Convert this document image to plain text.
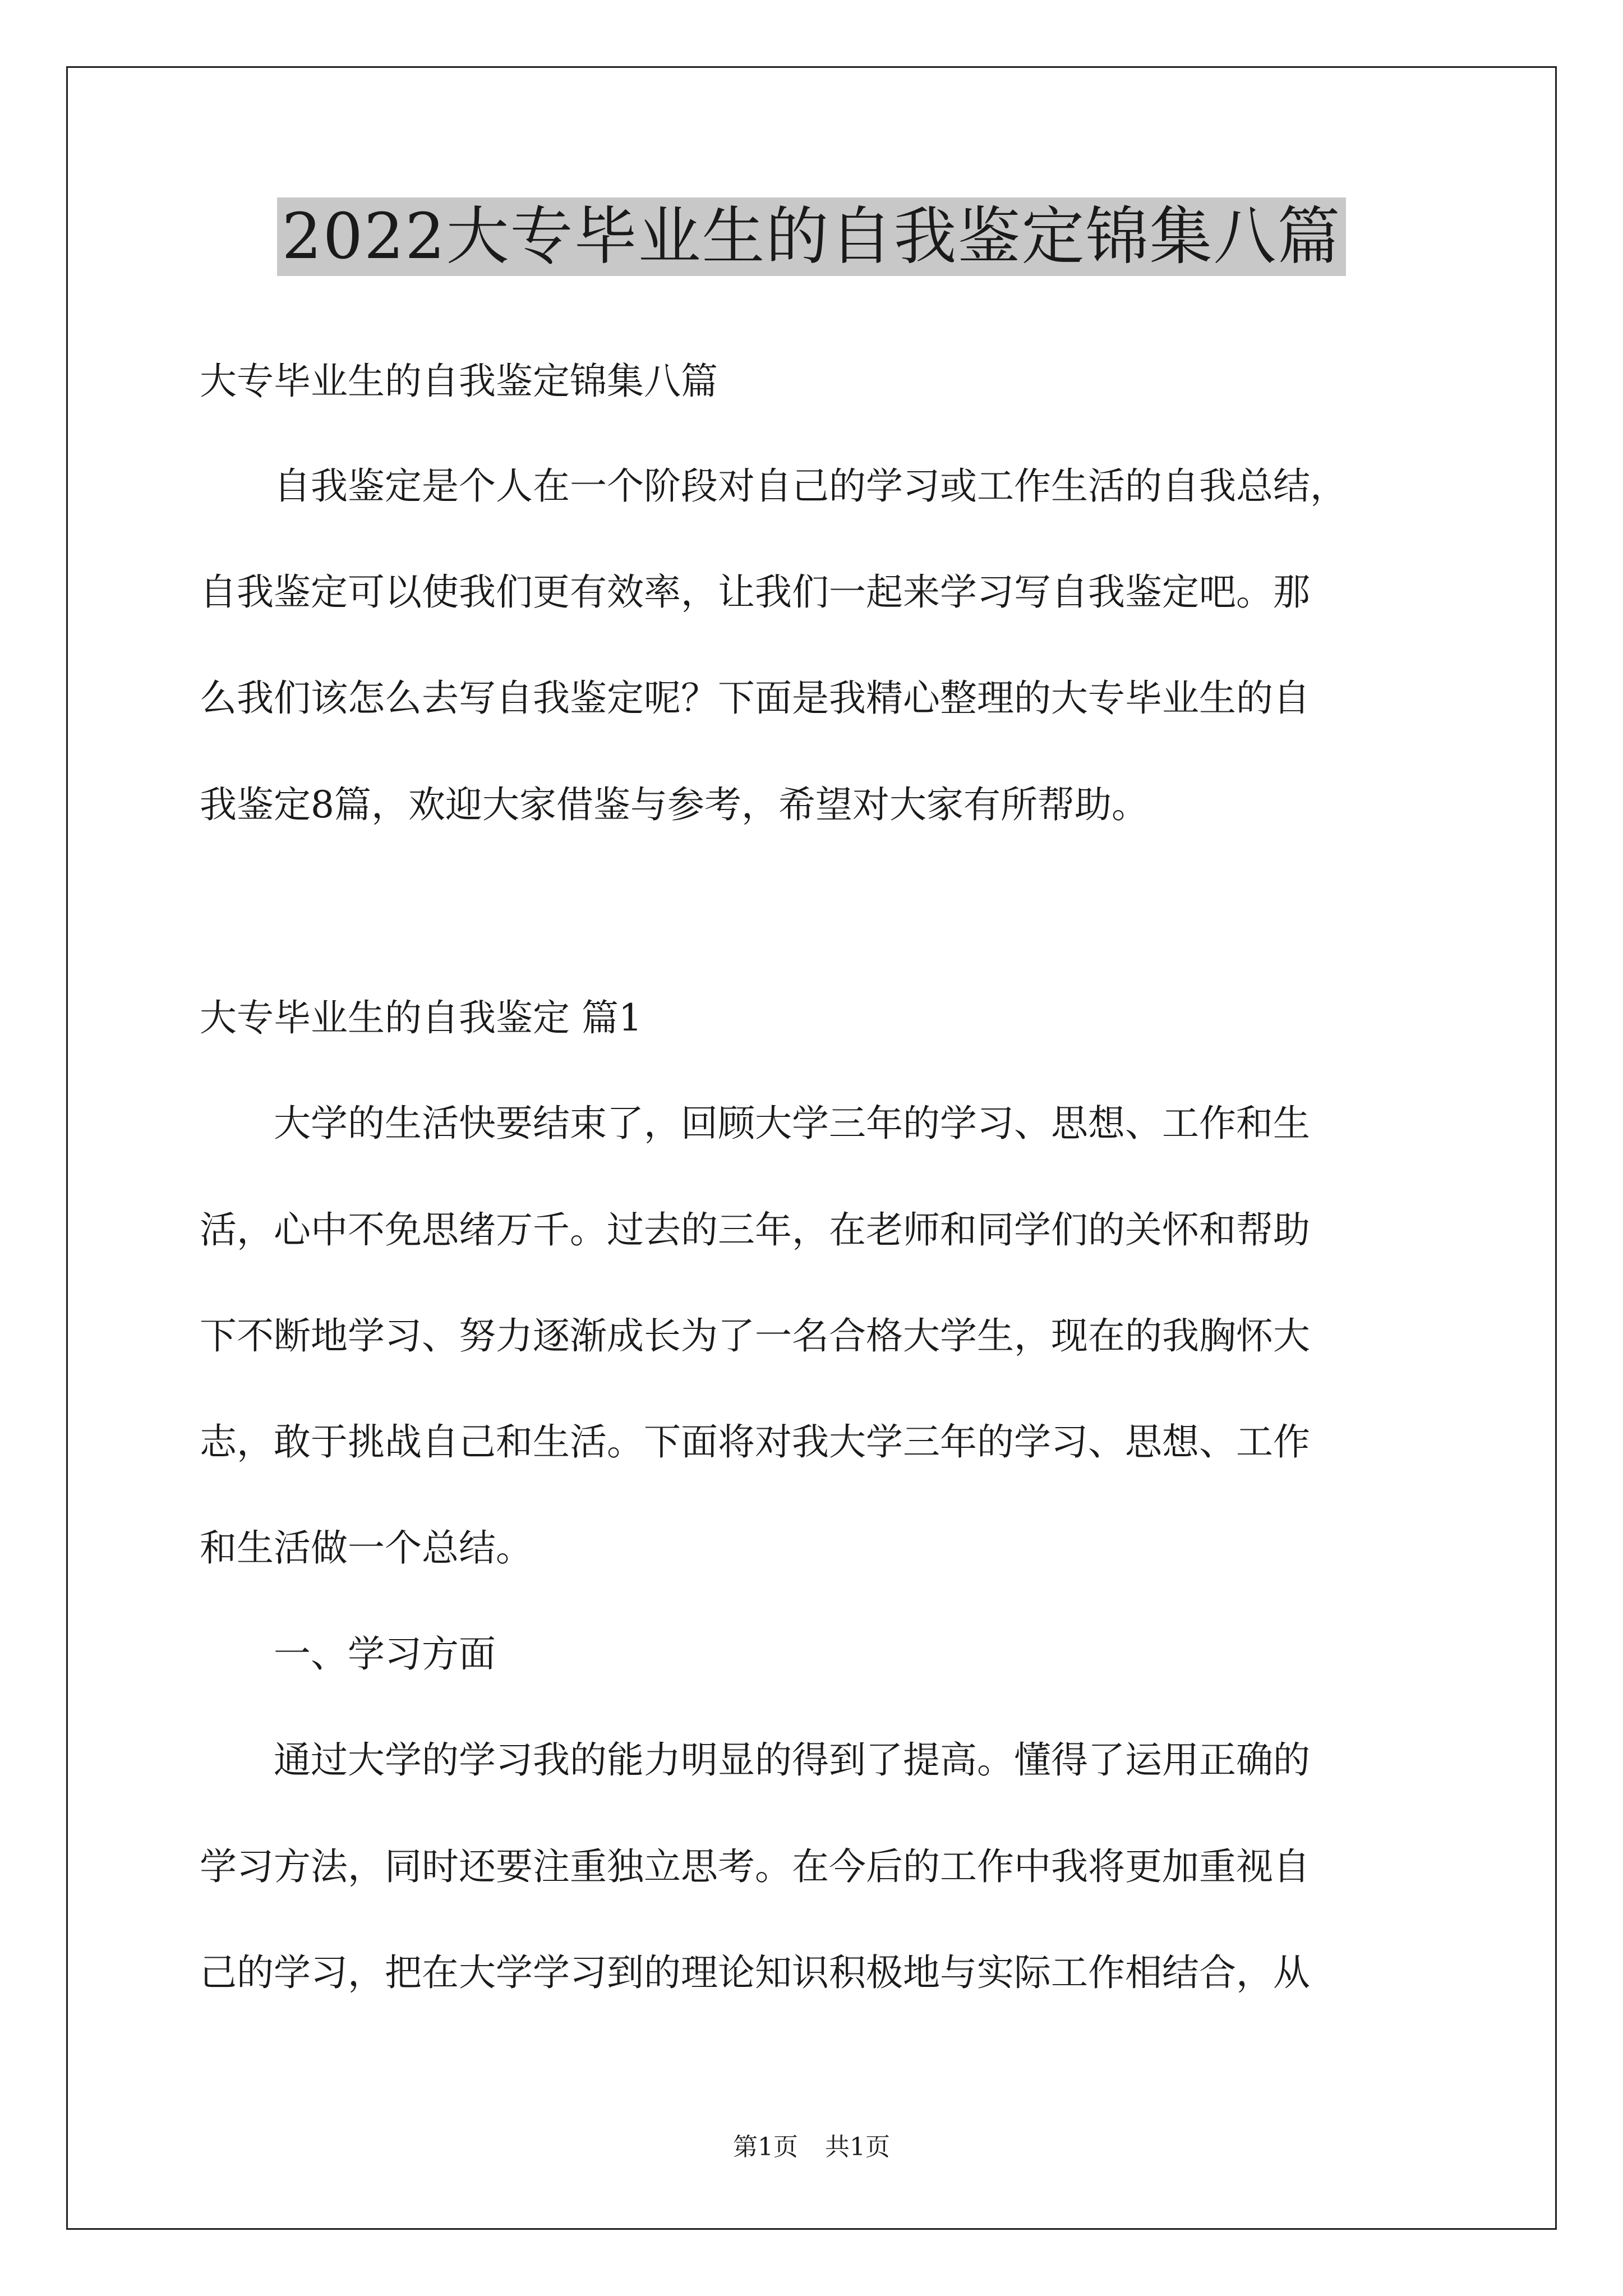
2022大专毕业生的自我鉴定锦集八篇
大专毕业生的自我鉴定锦集八篇
　　自我鉴定是个人在一个阶段对自己的学习或工作生活的自我总结，
自我鉴定可以使我们更有效率，让我们一起来学习写自我鉴定吧。那
么我们该怎么去写自我鉴定呢？下面是我精心整理的大专毕业生的自
我鉴定8篇，欢迎大家借鉴与参考，希望对大家有所帮助。
大专毕业生的自我鉴定 篇1
　　大学的生活快要结束了，回顾大学三年的学习、思想、工作和生
活，心中不免思绪万千。过去的三年，在老师和同学们的关怀和帮助
下不断地学习、努力逐渐成长为了一名合格大学生，现在的我胸怀大
志，敢于挑战自己和生活。下面将对我大学三年的学习、思想、工作
和生活做一个总结。
　　一、学习方面
　　通过大学的学习我的能力明显的得到了提高。懂得了运用正确的
学习方法，同时还要注重独立思考。在今后的工作中我将更加重视自
己的学习，把在大学学习到的理论知识积极地与实际工作相结合，从
第1页 共1页
